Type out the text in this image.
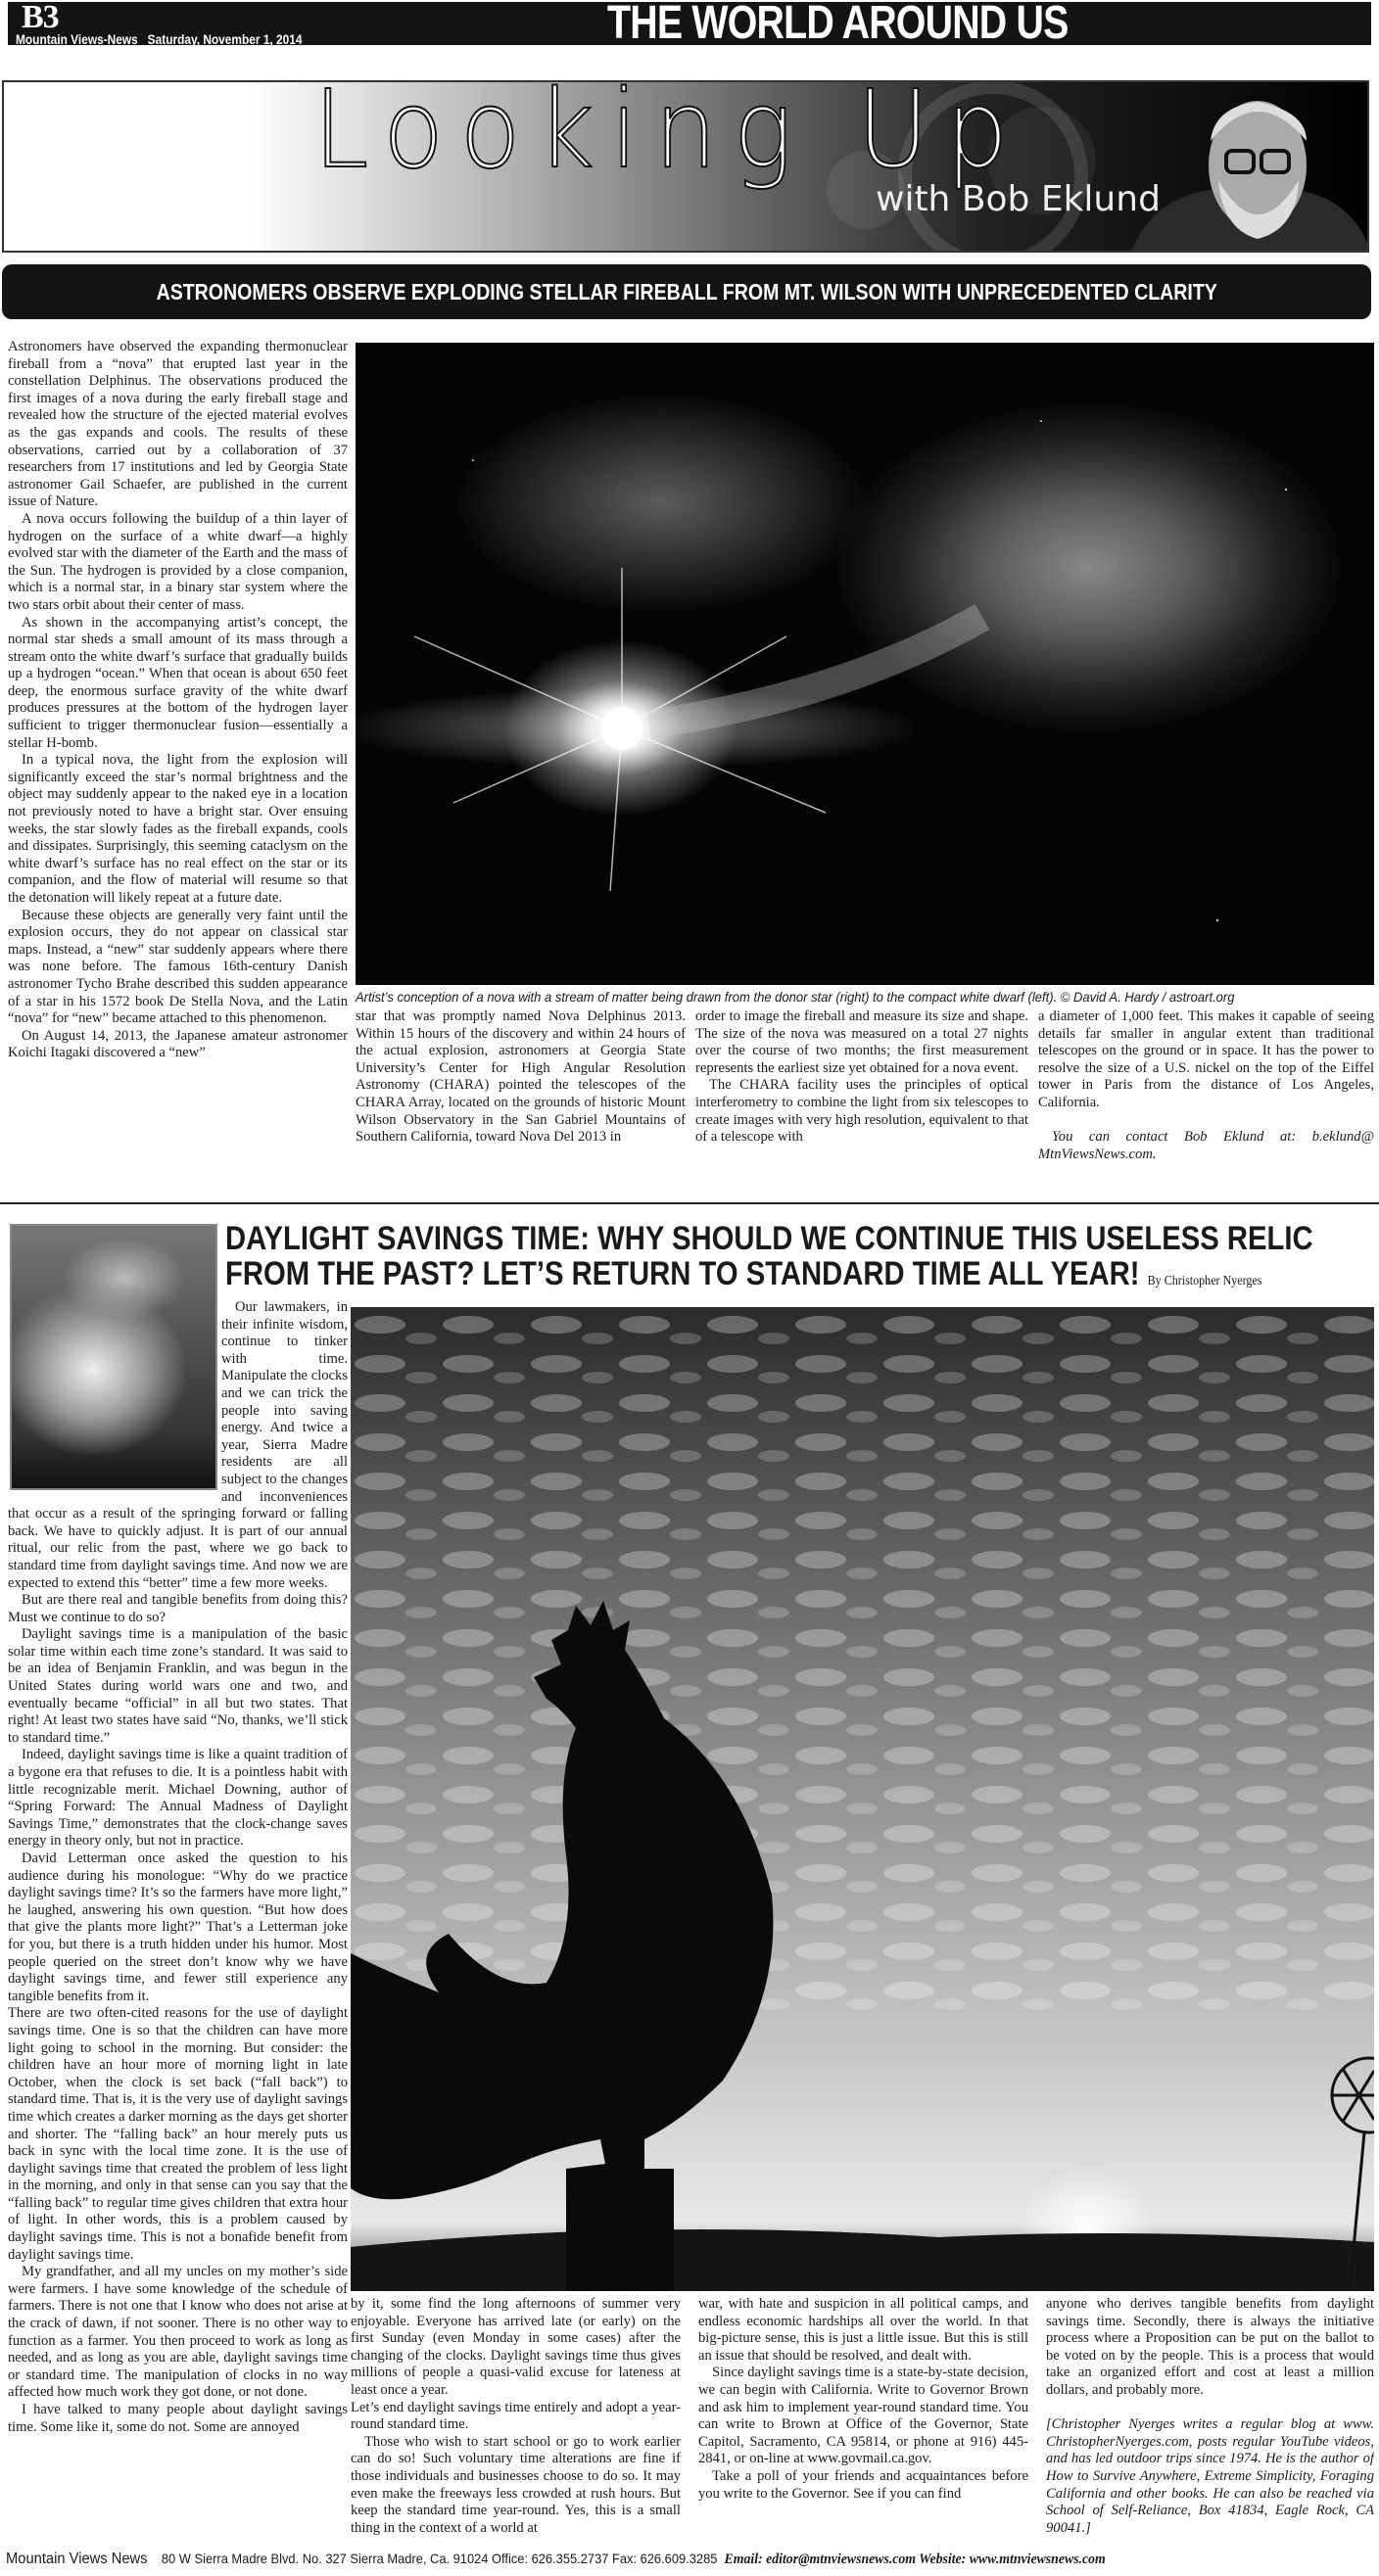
B3
Mountain Views-News   Saturday, November 1, 2014	THE WORLD AROUND US
Looking Up
with Bob Eklund
ASTRONOMERS OBSERVE EXPLODING STELLAR FIREBALL FROM MT. WILSON WITH UNPRECEDENTED CLARITY

Astronomers have observed the expanding thermonuclear fireball from a “nova” that erupted last year in the constellation Delphinus. The observations produced the first images of a nova during the early fireball stage and revealed how the structure of the ejected material evolves as the gas expands and cools. The results of these observations, carried out by a collaboration of 37 researchers from 17 institutions and led by Georgia State astronomer Gail Schaefer, are published in the current issue of Nature.

A nova occurs following the buildup of a thin layer of hydrogen on the surface of a white dwarf—a highly evolved star with the diameter of the Earth and the mass of the Sun. The hydrogen is provided by a close companion, which is a normal star, in a binary star system where the two stars orbit about their center of mass.

As shown in the accompanying artist’s concept, the normal star sheds a small amount of its mass through a stream onto the white dwarf’s surface that gradually builds up a hydrogen “ocean.” When that ocean is about 650 feet deep, the enormous surface gravity of the white dwarf produces pressures at the bottom of the hydrogen layer sufficient to trigger thermonuclear fusion—essentially a stellar H-bomb.

In a typical nova, the light from the explosion will significantly exceed the star’s normal brightness and the object may suddenly appear to the naked eye in a location not previously noted to have a bright star. Over ensuing weeks, the star slowly fades as the fireball expands, cools and dissipates. Surprisingly, this seeming cataclysm on the white dwarf’s surface has no real effect on the star or its companion, and the flow of material will resume so that the detonation will likely repeat at a future date.

Because these objects are generally very faint until the explosion occurs, they do not appear on classical star maps. Instead, a “new” star suddenly appears where there was none before. The famous 16th-century Danish astronomer Tycho Brahe described this sudden appearance of a star in his 1572 book De Stella Nova, and the Latin “nova” for “new” became attached to this phenomenon.

On August 14, 2013, the Japanese amateur astronomer Koichi Itagaki discovered a “new”

Artist’s conception of a nova with a stream of matter being drawn from the donor star (right) to the compact white dwarf (left). © David A. Hardy / astroart.org

star that was promptly named Nova Delphinus 2013. Within 15 hours of the discovery and within 24 hours of the actual explosion, astronomers at Georgia State University’s Center for High Angular Resolution Astronomy (CHARA) pointed the telescopes of the CHARA Array, located on the grounds of historic Mount Wilson Observatory in the San Gabriel Mountains of Southern California, toward Nova Del 2013 in

order to image the fireball and measure its size and shape. The size of the nova was measured on a total 27 nights over the course of two months; the first measurement represents the earliest size yet obtained for a nova event.

The CHARA facility uses the principles of optical interferometry to combine the light from six telescopes to create images with very high resolution, equivalent to that of a telescope with

a diameter of 1,000 feet. This makes it capable of seeing details far smaller in angular extent than traditional telescopes on the ground or in space. It has the power to resolve the size of a U.S. nickel on the top of the Eiffel tower in Paris from the distance of Los Angeles, California.

You can contact Bob Eklund at: b.eklund@ MtnViewsNews.com.

DAYLIGHT SAVINGS TIME: WHY SHOULD WE CONTINUE THIS USELESS RELIC FROM THE PAST? LET’S RETURN TO STANDARD TIME ALL YEAR! By Christopher Nyerges

Our lawmakers, in their infinite wisdom, continue to tinker with time. Manipulate the clocks and we can trick the people into saving energy. And twice a year, Sierra Madre residents are all subject to the changes and inconveniences that occur as a result of the springing forward or falling back. We have to quickly adjust. It is part of our annual ritual, our relic from the past, where we go back to standard time from daylight savings time. And now we are expected to extend this “better” time a few more weeks.

But are there real and tangible benefits from doing this? Must we continue to do so?

Daylight savings time is a manipulation of the basic solar time within each time zone’s standard. It was said to be an idea of Benjamin Franklin, and was begun in the United States during world wars one and two, and eventually became “official” in all but two states. That right! At least two states have said “No, thanks, we’ll stick to standard time.”

Indeed, daylight savings time is like a quaint tradition of a bygone era that refuses to die. It is a pointless habit with little recognizable merit. Michael Downing, author of “Spring Forward: The Annual Madness of Daylight Savings Time,” demonstrates that the clock-change saves energy in theory only, but not in practice.

David Letterman once asked the question to his audience during his monologue: “Why do we practice daylight savings time? It’s so the farmers have more light,” he laughed, answering his own question. “But how does that give the plants more light?” That’s a Letterman joke for you, but there is a truth hidden under his humor. Most people queried on the street don’t know why we have daylight savings time, and fewer still experience any tangible benefits from it.

There are two often-cited reasons for the use of daylight savings time. One is so that the children can have more light going to school in the morning. But consider: the children have an hour more of morning light in late October, when the clock is set back (“fall back”) to standard time. That is, it is the very use of daylight savings time which creates a darker morning as the days get shorter and shorter. The “falling back” an hour merely puts us back in sync with the local time zone. It is the use of daylight savings time that created the problem of less light in the morning, and only in that sense can you say that the “falling back” to regular time gives children that extra hour of light. In other words, this is a problem caused by daylight savings time. This is not a bonafide benefit from daylight savings time.

My grandfather, and all my uncles on my mother’s side were farmers. I have some knowledge of the schedule of farmers. There is not one that I know who does not arise at the crack of dawn, if not sooner. There is no other way to function as a farmer. You then proceed to work as long as needed, and as long as you are able, daylight savings time or standard time. The manipulation of clocks in no way affected how much work they got done, or not done.

I have talked to many people about daylight savings time. Some like it, some do not. Some are annoyed

by it, some find the long afternoons of summer very enjoyable. Everyone has arrived late (or early) on the first Sunday (even Monday in some cases) after the changing of the clocks. Daylight savings time thus gives millions of people a quasi-valid excuse for lateness at least once a year.

Let’s end daylight savings time entirely and adopt a year-round standard time.

Those who wish to start school or go to work earlier can do so! Such voluntary time alterations are fine if those individuals and businesses choose to do so. It may even make the freeways less crowded at rush hours. But keep the standard time year-round. Yes, this is a small thing in the context of a world at

war, with hate and suspicion in all political camps, and endless economic hardships all over the world. In that big-picture sense, this is just a little issue. But this is still an issue that should be resolved, and dealt with.

Since daylight savings time is a state-by-state decision, we can begin with California. Write to Governor Brown and ask him to implement year-round standard time. You can write to Brown at Office of the Governor, State Capitol, Sacramento, CA 95814, or phone at 916) 445-2841, or on-line at www.govmail.ca.gov.

Take a poll of your friends and acquaintances before you write to the Governor. See if you can find

anyone who derives tangible benefits from daylight savings time. Secondly, there is always the initiative process where a Proposition can be put on the ballot to be voted on by the people. This is a process that would take an organized effort and cost at least a million dollars, and probably more.

[Christopher Nyerges writes a regular blog at www. ChristopherNyerges.com, posts regular YouTube videos, and has led outdoor trips since 1974. He is the author of How to Survive Anywhere, Extreme Simplicity, Foraging California and other books. He can also be reached via School of Self-Reliance, Box 41834, Eagle Rock, CA 90041.]

Mountain Views News 80 W Sierra Madre Blvd. No. 327 Sierra Madre, Ca. 91024 Office: 626.355.2737 Fax: 626.609.3285 Email: editor@mtnviewsnews.com Website: www.mtnviewsnews.com
